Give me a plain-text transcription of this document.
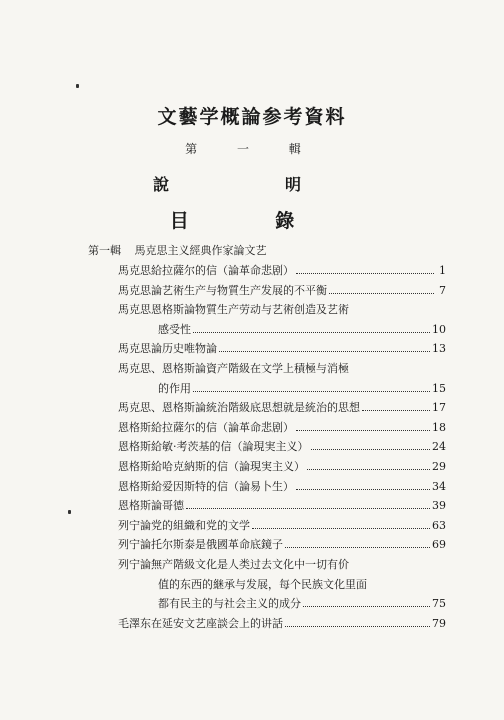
文藝学概論参考資料
第 一 輯
說　明
目 錄
第一輯 馬克思主义經典作家論文艺
馬克思給拉薩尔的信（論革命悲剧）	1
馬克思論艺術生产与物質生产发展的不平衡	7
馬克思恩格斯論物質生产劳动与艺術创造及艺術
感受性	10
馬克思論历史唯物論	13
馬克思、恩格斯論資产階級在文学上積極与消極
的作用	15
馬克思、恩格斯論統治階級底思想就是統治的思想	17
恩格斯給拉薩尔的信（論革命悲剧）	18
恩格斯給敏·考茨基的信（論現実主义）	24
恩格斯給哈克納斯的信（論現実主义）	29
恩格斯給爱因斯特的信（論易卜生）	34
恩格斯論哥德	39
列宁論党的組織和党的文学	63
列宁論托尔斯泰是俄國革命底鏡子	69
列宁論無产階級文化是人类过去文化中一切有价
值的东西的継承与发展，每个民族文化里面
都有民主的与社会主义的成分	75
毛澤东在延安文艺座談会上的讲話	79
